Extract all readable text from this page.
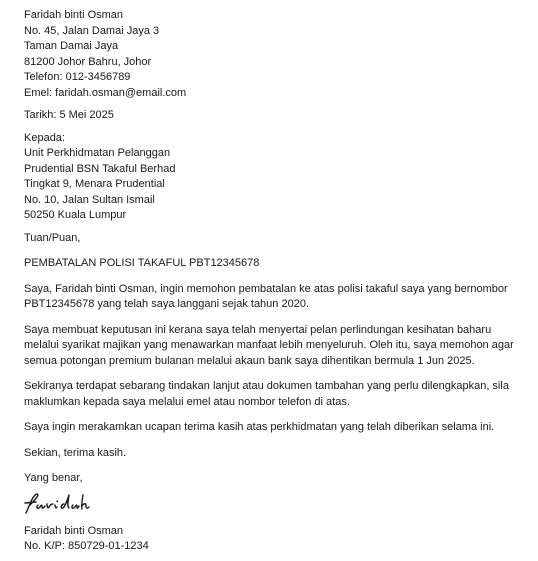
Faridah binti Osman
No. 45, Jalan Damai Jaya 3
Taman Damai Jaya
81200 Johor Bahru, Johor
Telefon: 012-3456789
Emel: faridah.osman@email.com
Tarikh: 5 Mei 2025
Kepada:
Unit Perkhidmatan Pelanggan
Prudential BSN Takaful Berhad
Tingkat 9, Menara Prudential
No. 10, Jalan Sultan Ismail
50250 Kuala Lumpur
Tuan/Puan,
PEMBATALAN POLISI TAKAFUL PBT12345678

Saya, Faridah binti Osman, ingin memohon pembatalan ke atas polisi takaful saya yang bernombor PBT12345678 yang telah saya langgani sejak tahun 2020.

Saya membuat keputusan ini kerana saya telah menyertai pelan perlindungan kesihatan baharu melalui syarikat majikan yang menawarkan manfaat lebih menyeluruh. Oleh itu, saya memohon agar semua potongan premium bulanan melalui akaun bank saya dihentikan bermula 1 Jun 2025.

Sekiranya terdapat sebarang tindakan lanjut atau dokumen tambahan yang perlu dilengkapkan, sila maklumkan kepada saya melalui emel atau nombor telefon di atas.

Saya ingin merakamkan ucapan terima kasih atas perkhidmatan yang telah diberikan selama ini.

Sekian, terima kasih.
Yang benar,
Faridah binti Osman
No. K/P: 850729-01-1234
